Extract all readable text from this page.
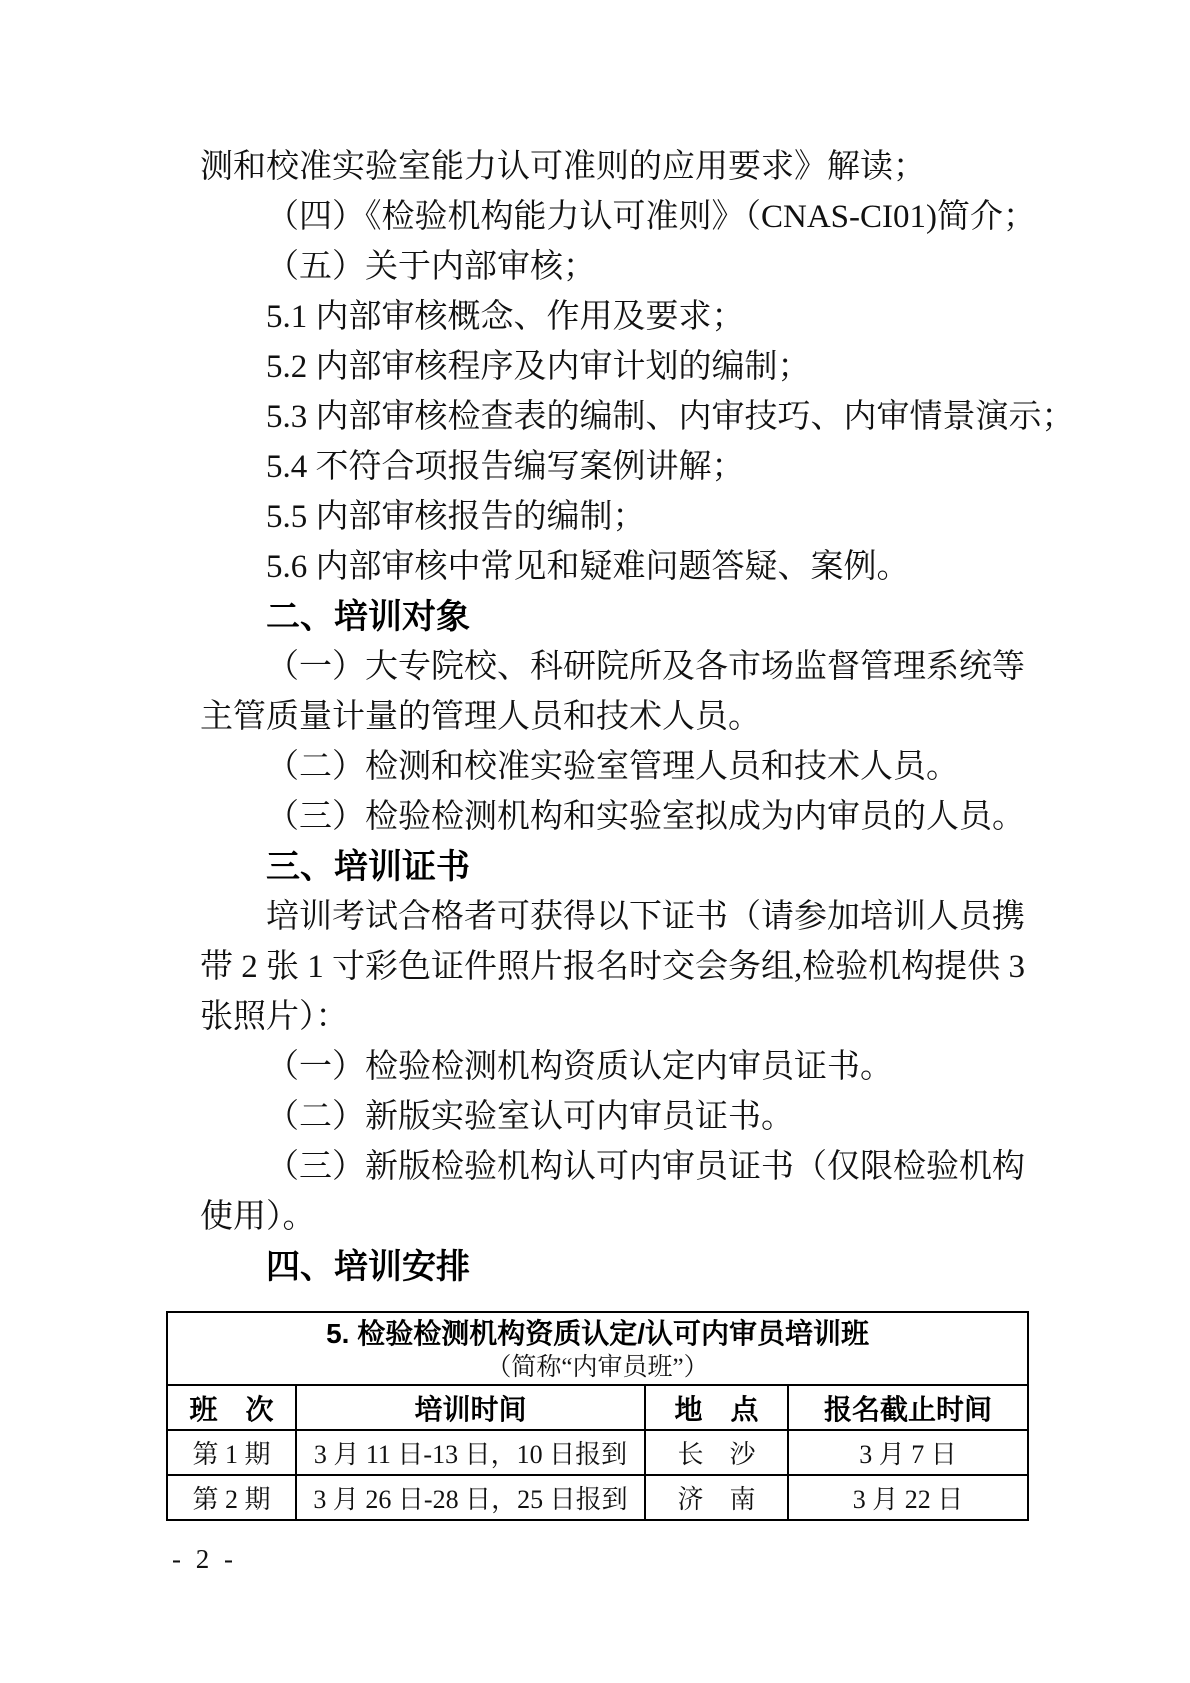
测和校准实验室能力认可准则的应用要求》解读；
（四）《检验机构能力认可准则》（CNAS-CI01)简介；
（五）关于内部审核；
5.1 内部审核概念、作用及要求；
5.2 内部审核程序及内审计划的编制；
5.3 内部审核检查表的编制、内审技巧、内审情景演示；
5.4 不符合项报告编写案例讲解；
5.5 内部审核报告的编制；
5.6 内部审核中常见和疑难问题答疑、案例。
二、培训对象
（一）大专院校、科研院所及各市场监督管理系统等
主管质量计量的管理人员和技术人员。
（二）检测和校准实验室管理人员和技术人员。
（三）检验检测机构和实验室拟成为内审员的人员。
三、培训证书
培训考试合格者可获得以下证书（请参加培训人员携
带 2 张 1 寸彩色证件照片报名时交会务组,检验机构提供 3
张照片）：
（一）检验检测机构资质认定内审员证书。
（二）新版实验室认可内审员证书。
（三）新版检验机构认可内审员证书（仅限检验机构
使用）。
四、培训安排
5. 检验检测机构资质认定/认可内审员培训班
（简称“内审员班”）			

班　次	培训时间	地　点	报名截止时间
第 1 期	3 月 11 日-13 日，10 日报到	长　沙	3 月 7 日
第 2 期	3 月 26 日-28 日，25 日报到	济　南	3 月 22 日
- 2 -
